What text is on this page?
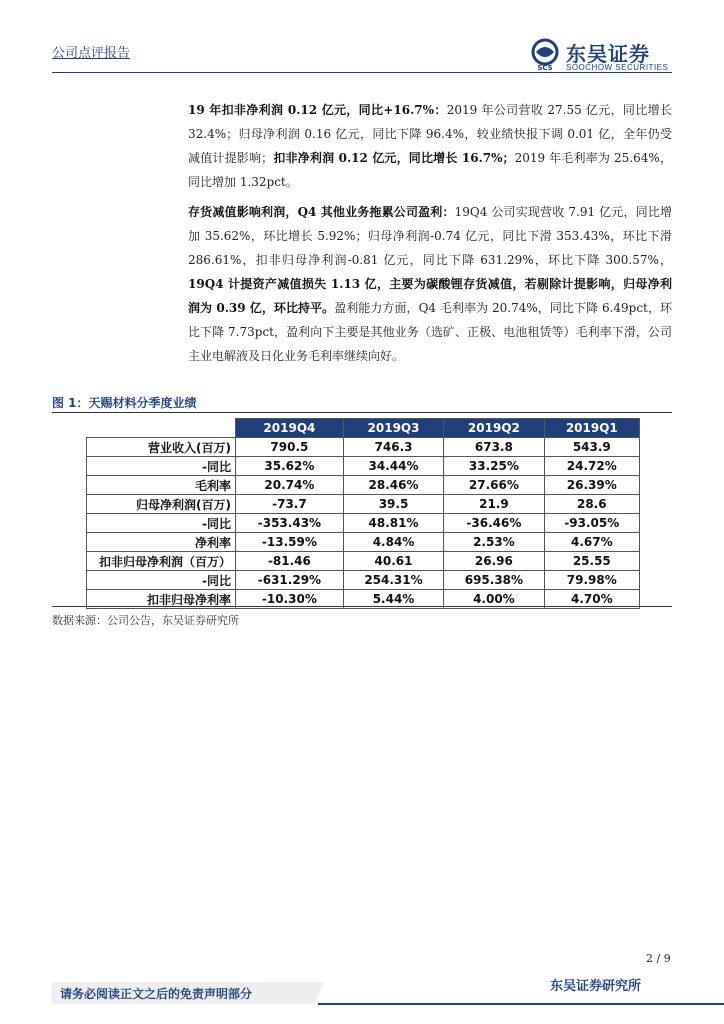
公司点评报告
SCS
东吴证券
SOOCHOW SECURITIES
19 年扣非净利润 0.12 亿元，同比+16.7%：2019 年公司营收 27.55 亿元，同比增长 32.4%；归母净利润 0.16 亿元，同比下降 96.4%，较业绩快报下调 0.01 亿，全年仍受减值计提影响；扣非净利润 0.12 亿元，同比增长 16.7%；2019 年毛利率为 25.64%，同比增加 1.32pct。
存货减值影响利润，Q4 其他业务拖累公司盈利：19Q4 公司实现营收 7.91 亿元，同比增加 35.62%，环比增长 5.92%；归母净利润-0.74 亿元，同比下滑 353.43%，环比下滑 286.61%，扣非归母净利润-0.81 亿元，同比下降 631.29%，环比下降 300.57%，19Q4 计提资产减值损失 1.13 亿，主要为碳酸锂存货减值，若剔除计提影响，归母净利润为 0.39 亿，环比持平。盈利能力方面，Q4 毛利率为 20.74%，同比下降 6.49pct，环比下降 7.73pct，盈利向下主要是其他业务（选矿、正极、电池租赁等）毛利率下滑，公司主业电解液及日化业务毛利率继续向好。
图 1：天赐材料分季度业绩
	2019Q4	2019Q3	2019Q2	2019Q1
营业收入(百万)	790.5	746.3	673.8	543.9
-同比	35.62%	34.44%	33.25%	24.72%
毛利率	20.74%	28.46%	27.66%	26.39%
归母净利润(百万)	-73.7	39.5	21.9	28.6
-同比	-353.43%	48.81%	-36.46%	-93.05%
净利率	-13.59%	4.84%	2.53%	4.67%
扣非归母净利润（百万）	-81.46	40.61	26.96	25.55
-同比	-631.29%	254.31%	695.38%	79.98%
扣非归母净利率	-10.30%	5.44%	4.00%	4.70%
数据来源：公司公告，东吴证券研究所
2 / 9
请务必阅读正文之后的免责声明部分	东吴证券研究所
